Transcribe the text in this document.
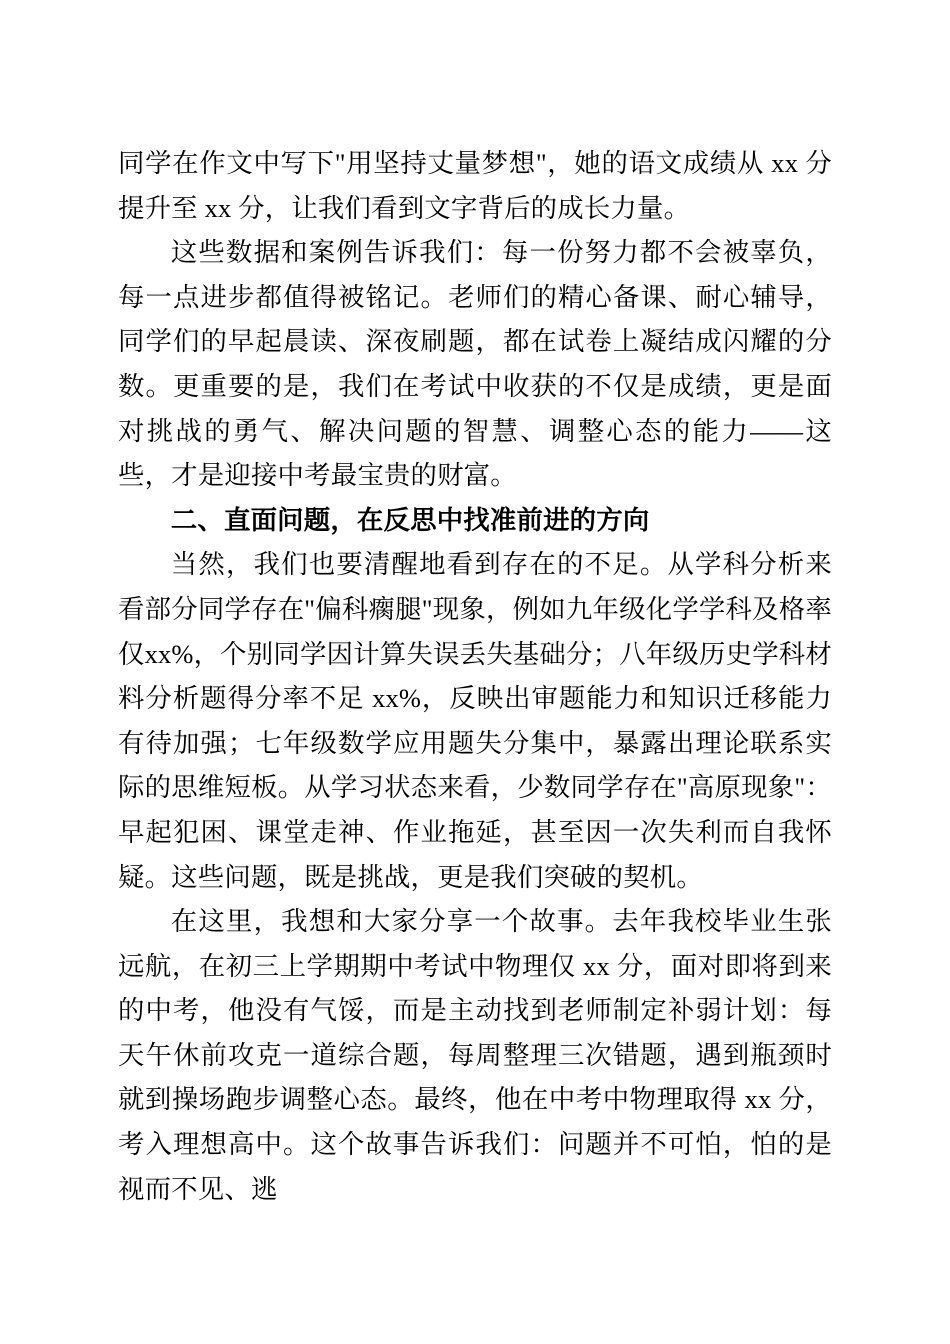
同学在作文中写下"用坚持丈量梦想"，她的语文成绩从 xx 分提升至 xx 分，让我们看到文字背后的成长力量。

这些数据和案例告诉我们：每一份努力都不会被辜负，每一点进步都值得被铭记。老师们的精心备课、耐心辅导，同学们的早起晨读、深夜刷题，都在试卷上凝结成闪耀的分数。更重要的是，我们在考试中收获的不仅是成绩，更是面对挑战的勇气、解决问题的智慧、调整心态的能力——这些，才是迎接中考最宝贵的财富。

二、直面问题，在反思中找准前进的方向

当然，我们也要清醒地看到存在的不足。从学科分析来看部分同学存在"偏科瘸腿"现象，例如九年级化学学科及格率仅xx%，个别同学因计算失误丢失基础分；八年级历史学科材料分析题得分率不足 xx%，反映出审题能力和知识迁移能力有待加强；七年级数学应用题失分集中，暴露出理论联系实际的思维短板。从学习状态来看，少数同学存在"高原现象"：早起犯困、课堂走神、作业拖延，甚至因一次失利而自我怀疑。这些问题，既是挑战，更是我们突破的契机。

在这里，我想和大家分享一个故事。去年我校毕业生张远航，在初三上学期期中考试中物理仅 xx 分，面对即将到来的中考，他没有气馁，而是主动找到老师制定补弱计划：每天午休前攻克一道综合题，每周整理三次错题，遇到瓶颈时就到操场跑步调整心态。最终，他在中考中物理取得 xx 分，考入理想高中。这个故事告诉我们：问题并不可怕，怕的是视而不见、逃
